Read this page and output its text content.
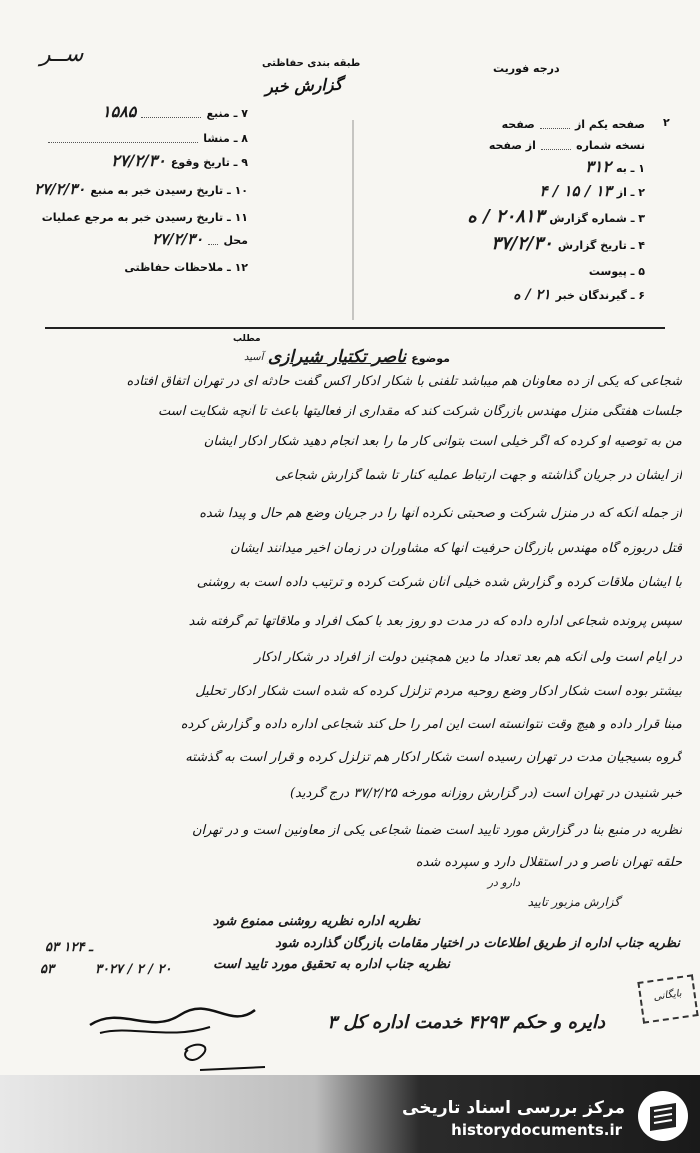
ســر	طبقه بندی حفاظتی
گزارش خبر
درجه فوریت
۲
۷ ـ منبع  ۱۵۸۵
۸ ـ منشا
۹ ـ تاریخ وقوع ۲۷/۲/۳۰
۱۰ ـ تاریخ رسیدن خبر به منبع ۲۷/۲/۳۰
۱۱ ـ تاریخ رسیدن خبر به مرجع عملیات
محل  ۲۷/۲/۳۰
۱۲ ـ ملاحظات حفاظتی
صفحه یکم از  صفحه
نسخه شماره  از صفحه
۱ ـ به ۳۱۲
۲ ـ از ۱۳ / ۱۵ / ۴
۳ ـ شماره گزارش ۲۰۸۱۳ / ه
۴ ـ تاریخ گزارش ۳۷/۲/۳۰
۵ ـ پیوست
۶ ـ گیرندگان خبر ۲۱ / ه
مطلب
آسید	موضوع ناصر تکتیار شیرازی
شجاعی که یکی از ده معاونان هم میباشد تلفنی با شکار ادکار اکس گفت حادثه ای در تهران اتفاق افتاده
جلسات هفتگی منزل مهندس بازرگان شرکت کند که مقداری از فعالیتها باعث تا آنچه شکایت است
من به توصیه او کرده که اگر خیلی است بتوانی کار ما را بعد انجام دهید شکار ادکار ایشان
از ایشان در جریان گذاشته و جهت ارتباط عملیه کنار تا شما گزارش شجاعی
از جمله آنکه که در منزل شرکت و صحبتی نکرده آنها را در جریان وضع هم حال و پیدا شده
قتل دربوزه گاه مهندس بازرگان حرفیت آنها که مشاوران در زمان اخیر میدانند ایشان
با ایشان ملاقات کرده و گزارش شده خیلی آنان شرکت کرده و ترتیب داده است به روشنی
سپس پرونده شجاعی اداره داده که در مدت دو روز بعد با کمک افراد و ملاقاتها تم گرفته شد
در ایام است ولی آنکه هم بعد تعداد ما دین همچنین دولت از افراد در شکار ادکار
بیشتر بوده است شکار ادکار وضع روحیه مردم تزلزل کرده که شده است شکار ادکار تحلیل
مبنا قرار داده و هیچ وقت نتوانسته است این امر را حل کند شجاعی اداره داده و گزارش کرده
گروه بسیجیان مدت در تهران رسیده است شکار ادکار هم تزلزل کرده و قرار است به گذشته
خبر شنیدن در تهران است (در گزارش روزانه مورخه ۳۷/۲/۲۵ درج گردید)
نظریه در منبع بنا در گزارش مورد تایید است ضمنا شجاعی یکی از معاونین است و در تهران
حلقه تهران ناصر و در استقلال دارد و سپرده شده
دارو در
گزارش مزبور تایید
نظریه اداره نظریه روشنی ممنوع شود
نظریه جناب اداره از طریق اطلاعات در اختیار مقامات بازرگان گذارده شود
نظریه جناب اداره به تحقیق مورد تایید است
۵۳ ـ ۱۲۴
۳۰۲۷ / ۲ / ۲۰
۵۳
دایره و حکم ۴۲۹۳ خدمت اداره کل ۳
بایگانی
مرکز بررسی اسناد تاریخی
historydocuments.ir
